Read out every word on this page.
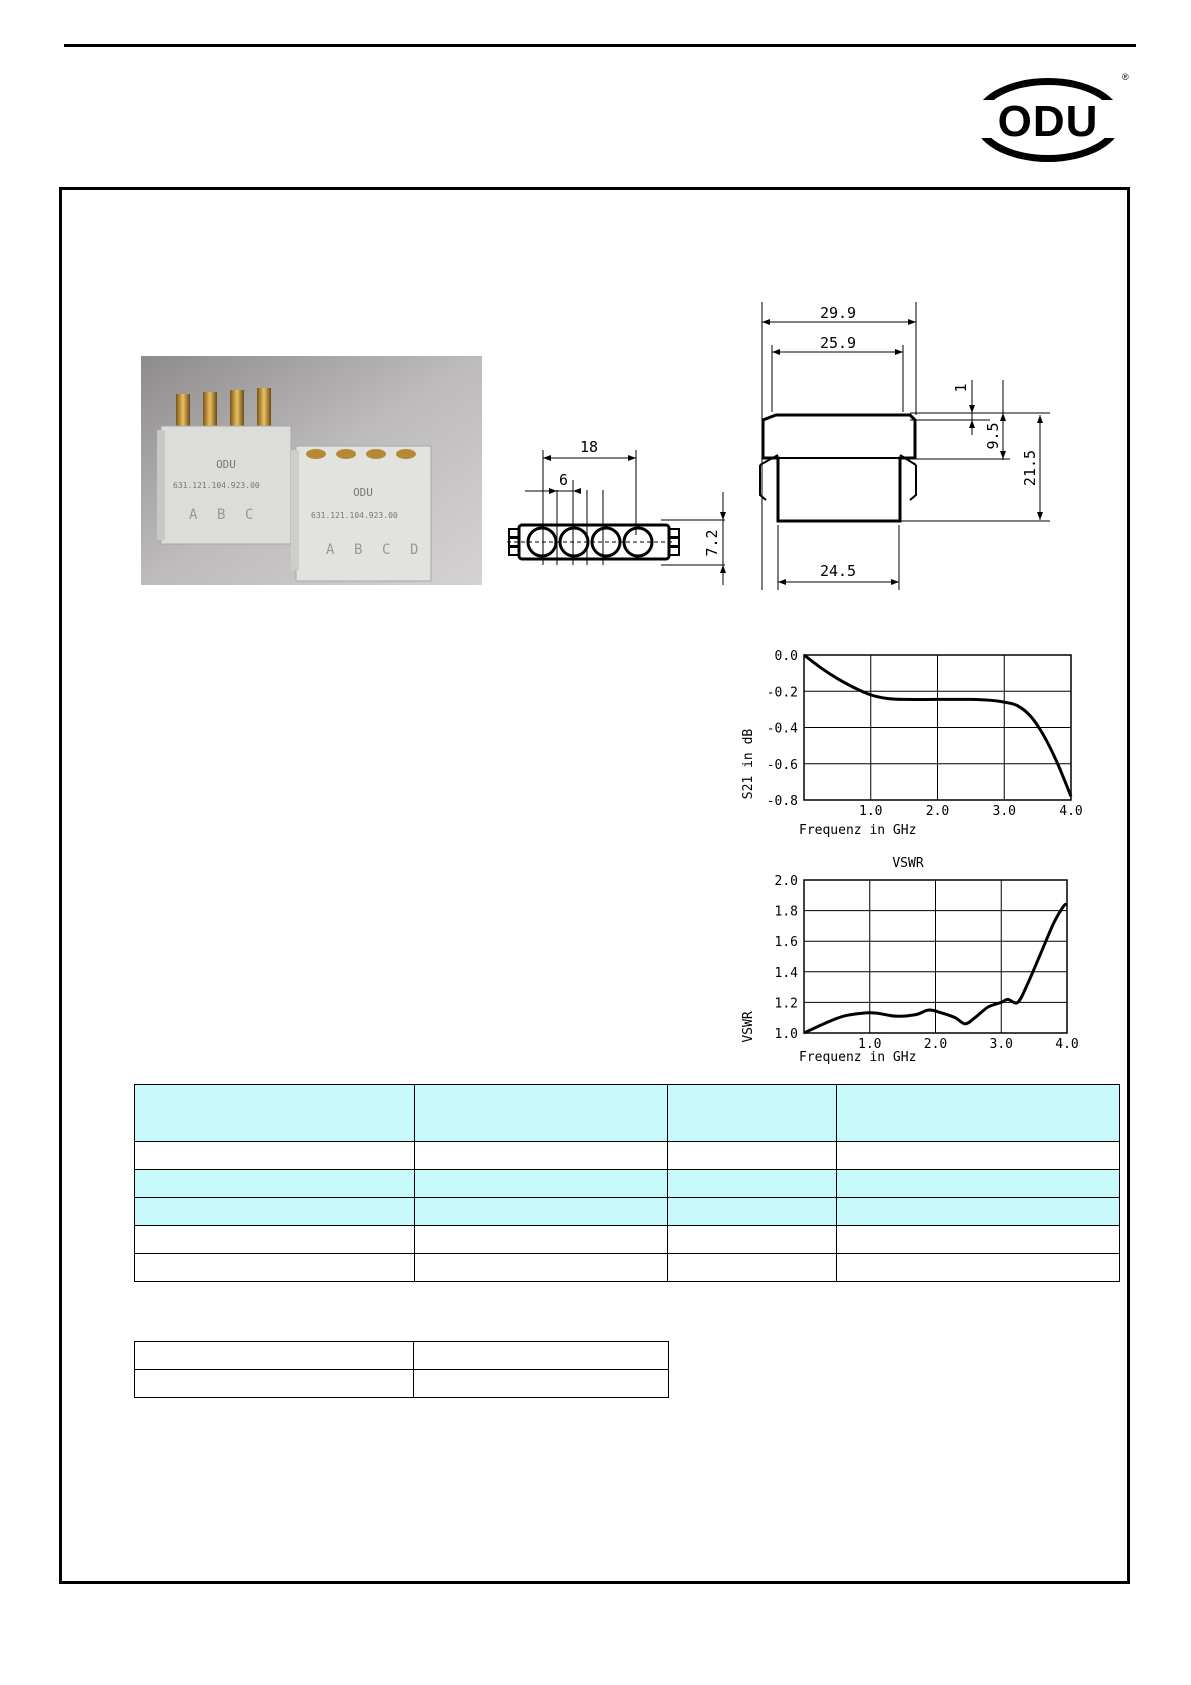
ODU
®
ODU
631.121.104.923.00
A B C
ODU
631.121.104.923.00
A B C D
18
6
7.2
29.9
25.9
24.5
1
9.5
21.5
0.0
-0.2
-0.4
-0.6
-0.8
1.0	2.0	3.0	4.0
Frequenz in GHz
S21 in dB
VSWR
2.0
1.8
1.6
1.4
1.2
1.0
1.0	2.0	3.0	4.0
Frequenz in GHz
VSWR
